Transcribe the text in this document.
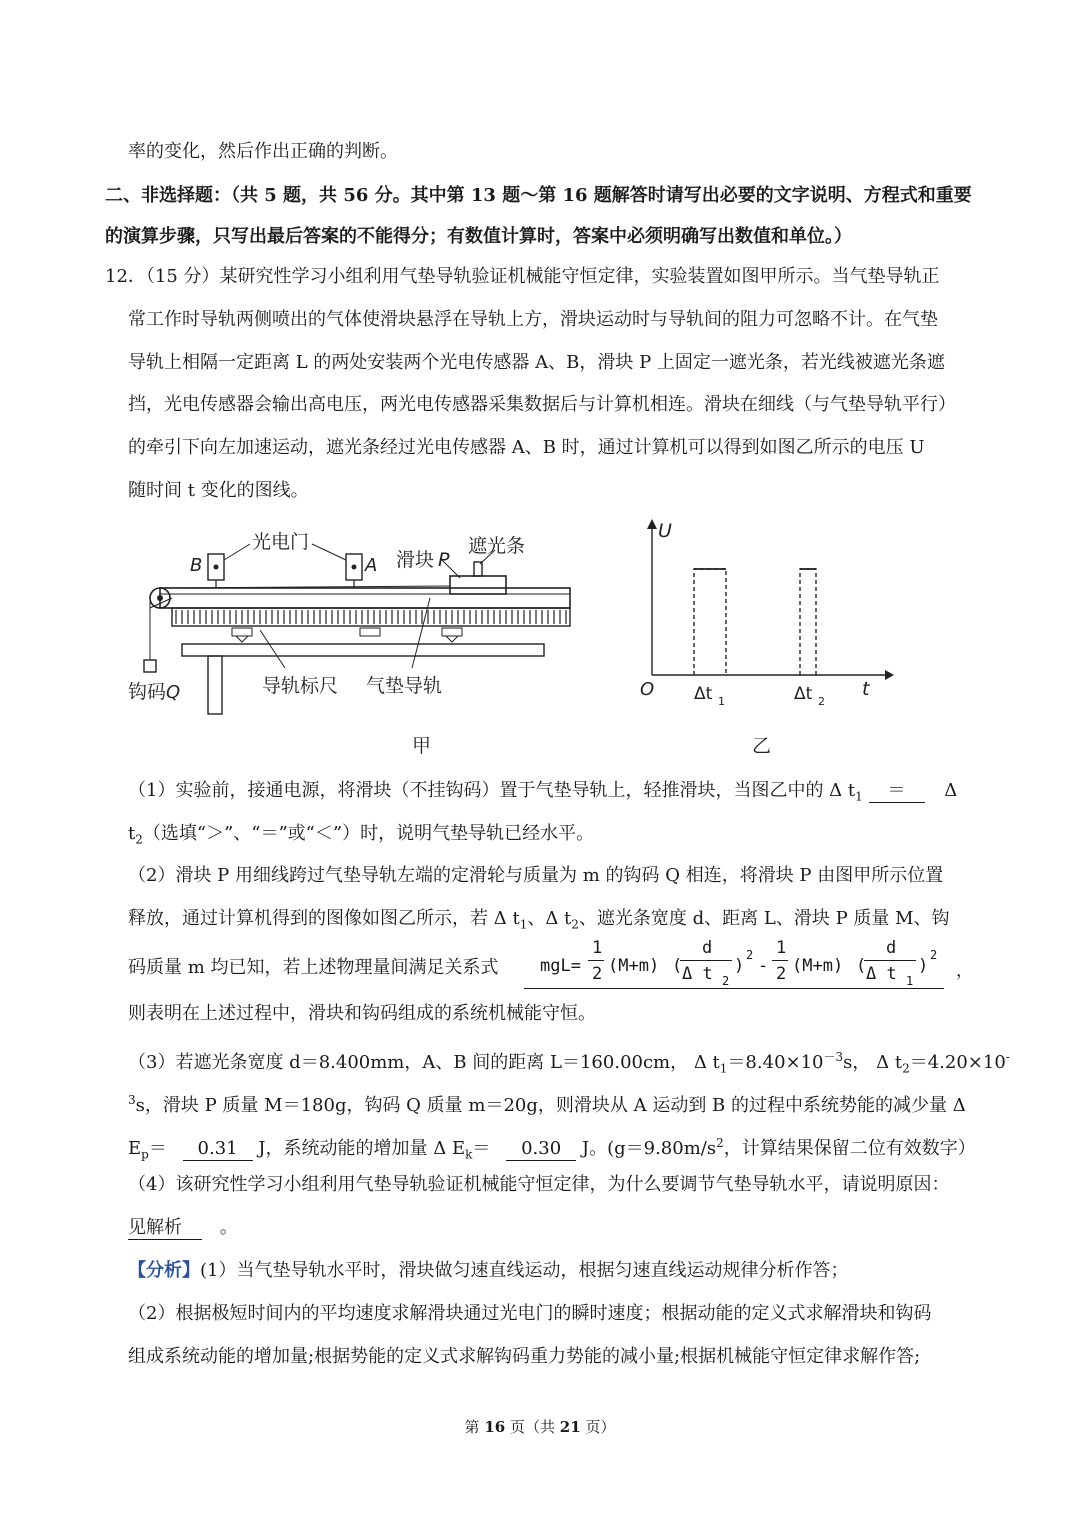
率的变化，然后作出正确的判断。
二、非选择题：（共 5 题，共 56 分。其中第 13 题～第 16 题解答时请写出必要的文字说明、方程式和重要
的演算步骤，只写出最后答案的不能得分；有数值计算时，答案中必须明确写出数值和单位。）
12．（15 分）某研究性学习小组利用气垫导轨验证机械能守恒定律，实验装置如图甲所示。当气垫导轨正
常工作时导轨两侧喷出的气体使滑块悬浮在导轨上方，滑块运动时与导轨间的阻力可忽略不计。在气垫
导轨上相隔一定距离 L 的两处安装两个光电传感器 A、B，滑块 P 上固定一遮光条，若光线被遮光条遮
挡，光电传感器会输出高电压，两光电传感器采集数据后与计算机相连。滑块在细线（与气垫导轨平行）
的牵引下向左加速运动，遮光条经过光电传感器 A、B 时，通过计算机可以得到如图乙所示的电压 U
随时间 t 变化的图线。
光电门
B	A 滑块 P
遮光条
钩码 Q	导轨标尺 气垫导轨
甲
U
t
O Δt 1	Δt 2
乙
（1）实验前，接通电源，将滑块（不挂钩码）置于气垫导轨上，轻推滑块，当图乙中的 Δ $t_1 = \Delta$
$t_2$（选填“＞”、“＝”或“＜”）时，说明气垫导轨已经水平。
（2）滑块 P 用细线跨过气垫导轨左端的定滑轮与质量为 m 的钩码 Q 相连，将滑块 P 由图甲所示位置
释放，通过计算机得到的图像如图乙所示，若 Δ $t_1$、Δ $t_2$、遮光条宽度 d、距离 L、滑块 P 质量 M、钩
码质量 m 均已知，若上述物理量间满足关系式 mgL=
1
2 (M+m) (
d
Δ t 2
)
2
-
1
2 (M+m) (
d
Δ t 1
)
2
，
则表明在上述过程中，滑块和钩码组成的系统机械能守恒。
（3）若遮光条宽度 d＝8.400mm，A、B 间的距离 L＝160.00cm， Δ $t_1=8.40\times 10^{-3}s$， Δ $t_2=4.20\times 10^-$
$^3$s，滑块 P 质量 M＝180g，钩码 Q 质量 m＝20g，则滑块从 A 运动到 B 的过程中系统势能的减少量 Δ
$E_p= 0.31$ J，系统动能的增加量 Δ $E_k= 0.30$ J。($g=9.80m/s^2$，计算结果保留二位有效数字）
（4）该研究性学习小组利用气垫导轨验证机械能守恒定律，为什么要调节气垫导轨水平，请说明原因：
见解析 。
【分析】(1）当气垫导轨水平时，滑块做匀速直线运动，根据匀速直线运动规律分析作答；
（2）根据极短时间内的平均速度求解滑块通过光电门的瞬时速度；根据动能的定义式求解滑块和钩码
组成系统动能的增加量;根据势能的定义式求解钩码重力势能的减小量;根据机械能守恒定律求解作答;
第 16 页（共 21 页）
